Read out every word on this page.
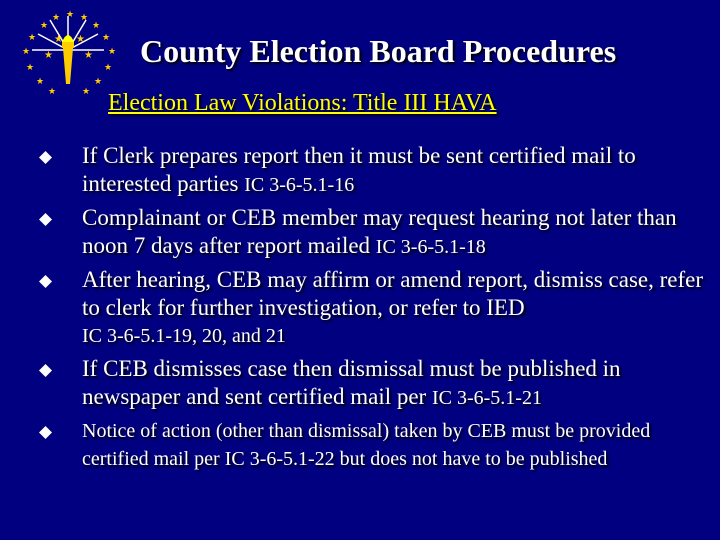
★
★ ★
★	★
★	★
★	★
★	★
★	★
★	★
★ ★
★	★ County Election Board Procedures
Election Law Violations: Title III HAVA
If Clerk prepares report then it must be sent certified mail to interested parties IC 3-6-5.1-16
Complainant or CEB member may request hearing not later than noon 7 days after report mailed IC 3-6-5.1-18
After hearing, CEB may affirm or amend report, dismiss case, refer to clerk for further investigation, or refer to IED
IC 3-6-5.1-19, 20, and 21
If CEB dismisses case then dismissal must be published in newspaper and sent certified mail per IC 3-6-5.1-21
Notice of action (other than dismissal) taken by CEB must be provided certified mail per IC 3-6-5.1-22 but does not have to be published
